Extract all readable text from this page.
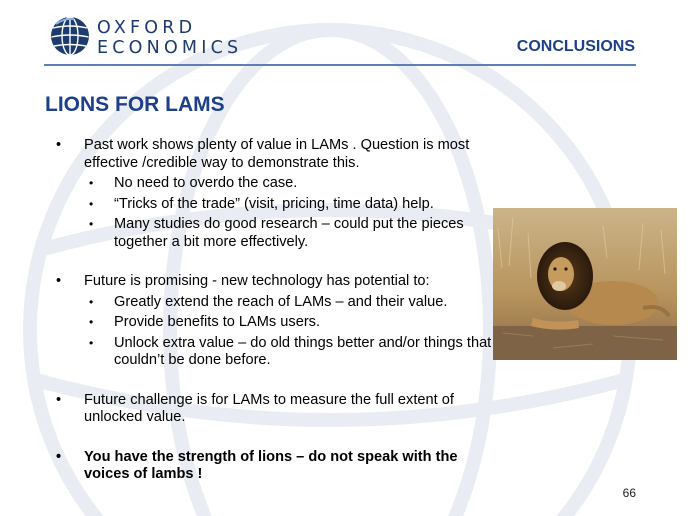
OXFORD
ECONOMICS	CONCLUSIONS
LIONS FOR LAMS
• Past work shows plenty of value in LAMs . Question is most effective /credible way to demonstrate this.
• No need to overdo the case.
• “Tricks of the trade” (visit, pricing, time data) help.
• Many studies do good research – could put the pieces together a bit more effectively.
• Future is promising - new technology has potential to:
• Greatly extend the reach of LAMs – and their value.
• Provide benefits to LAMs users.
• Unlock extra value – do old things better and/or things that couldn’t be done before.
• Future challenge is for LAMs to measure the full extent of unlocked value.
• You have the strength of lions – do not speak with the voices of lambs !
66
